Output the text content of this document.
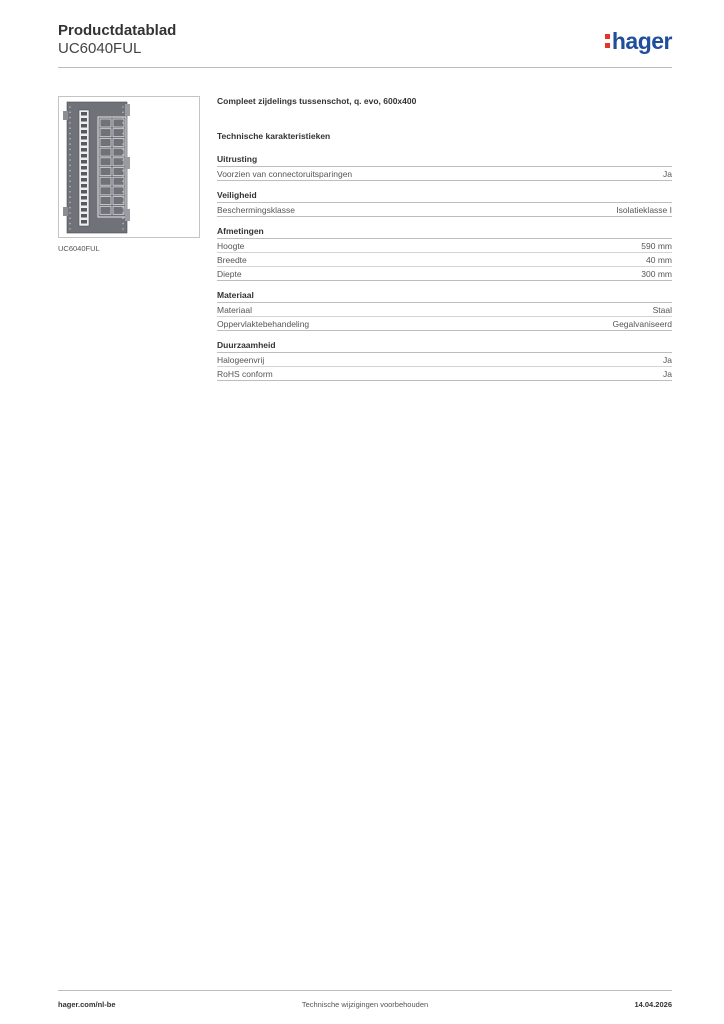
Productdatablad
UC6040FUL	hager
UC6040FUL
Compleet zijdelings tussenschot, q. evo, 600x400
Technische karakteristieken
Uitrusting
Voorzien van connectoruitsparingen	Ja
Veiligheid
Beschermingsklasse	Isolatieklasse I
Afmetingen
Hoogte	590 mm
Breedte	40 mm
Diepte	300 mm
Materiaal
Materiaal	Staal
Oppervlaktebehandeling	Gegalvaniseerd
Duurzaamheid
Halogeenvrij	Ja
RoHS conform	Ja
hager.com/nl-be	Technische wijzigingen voorbehouden	14.04.2026
